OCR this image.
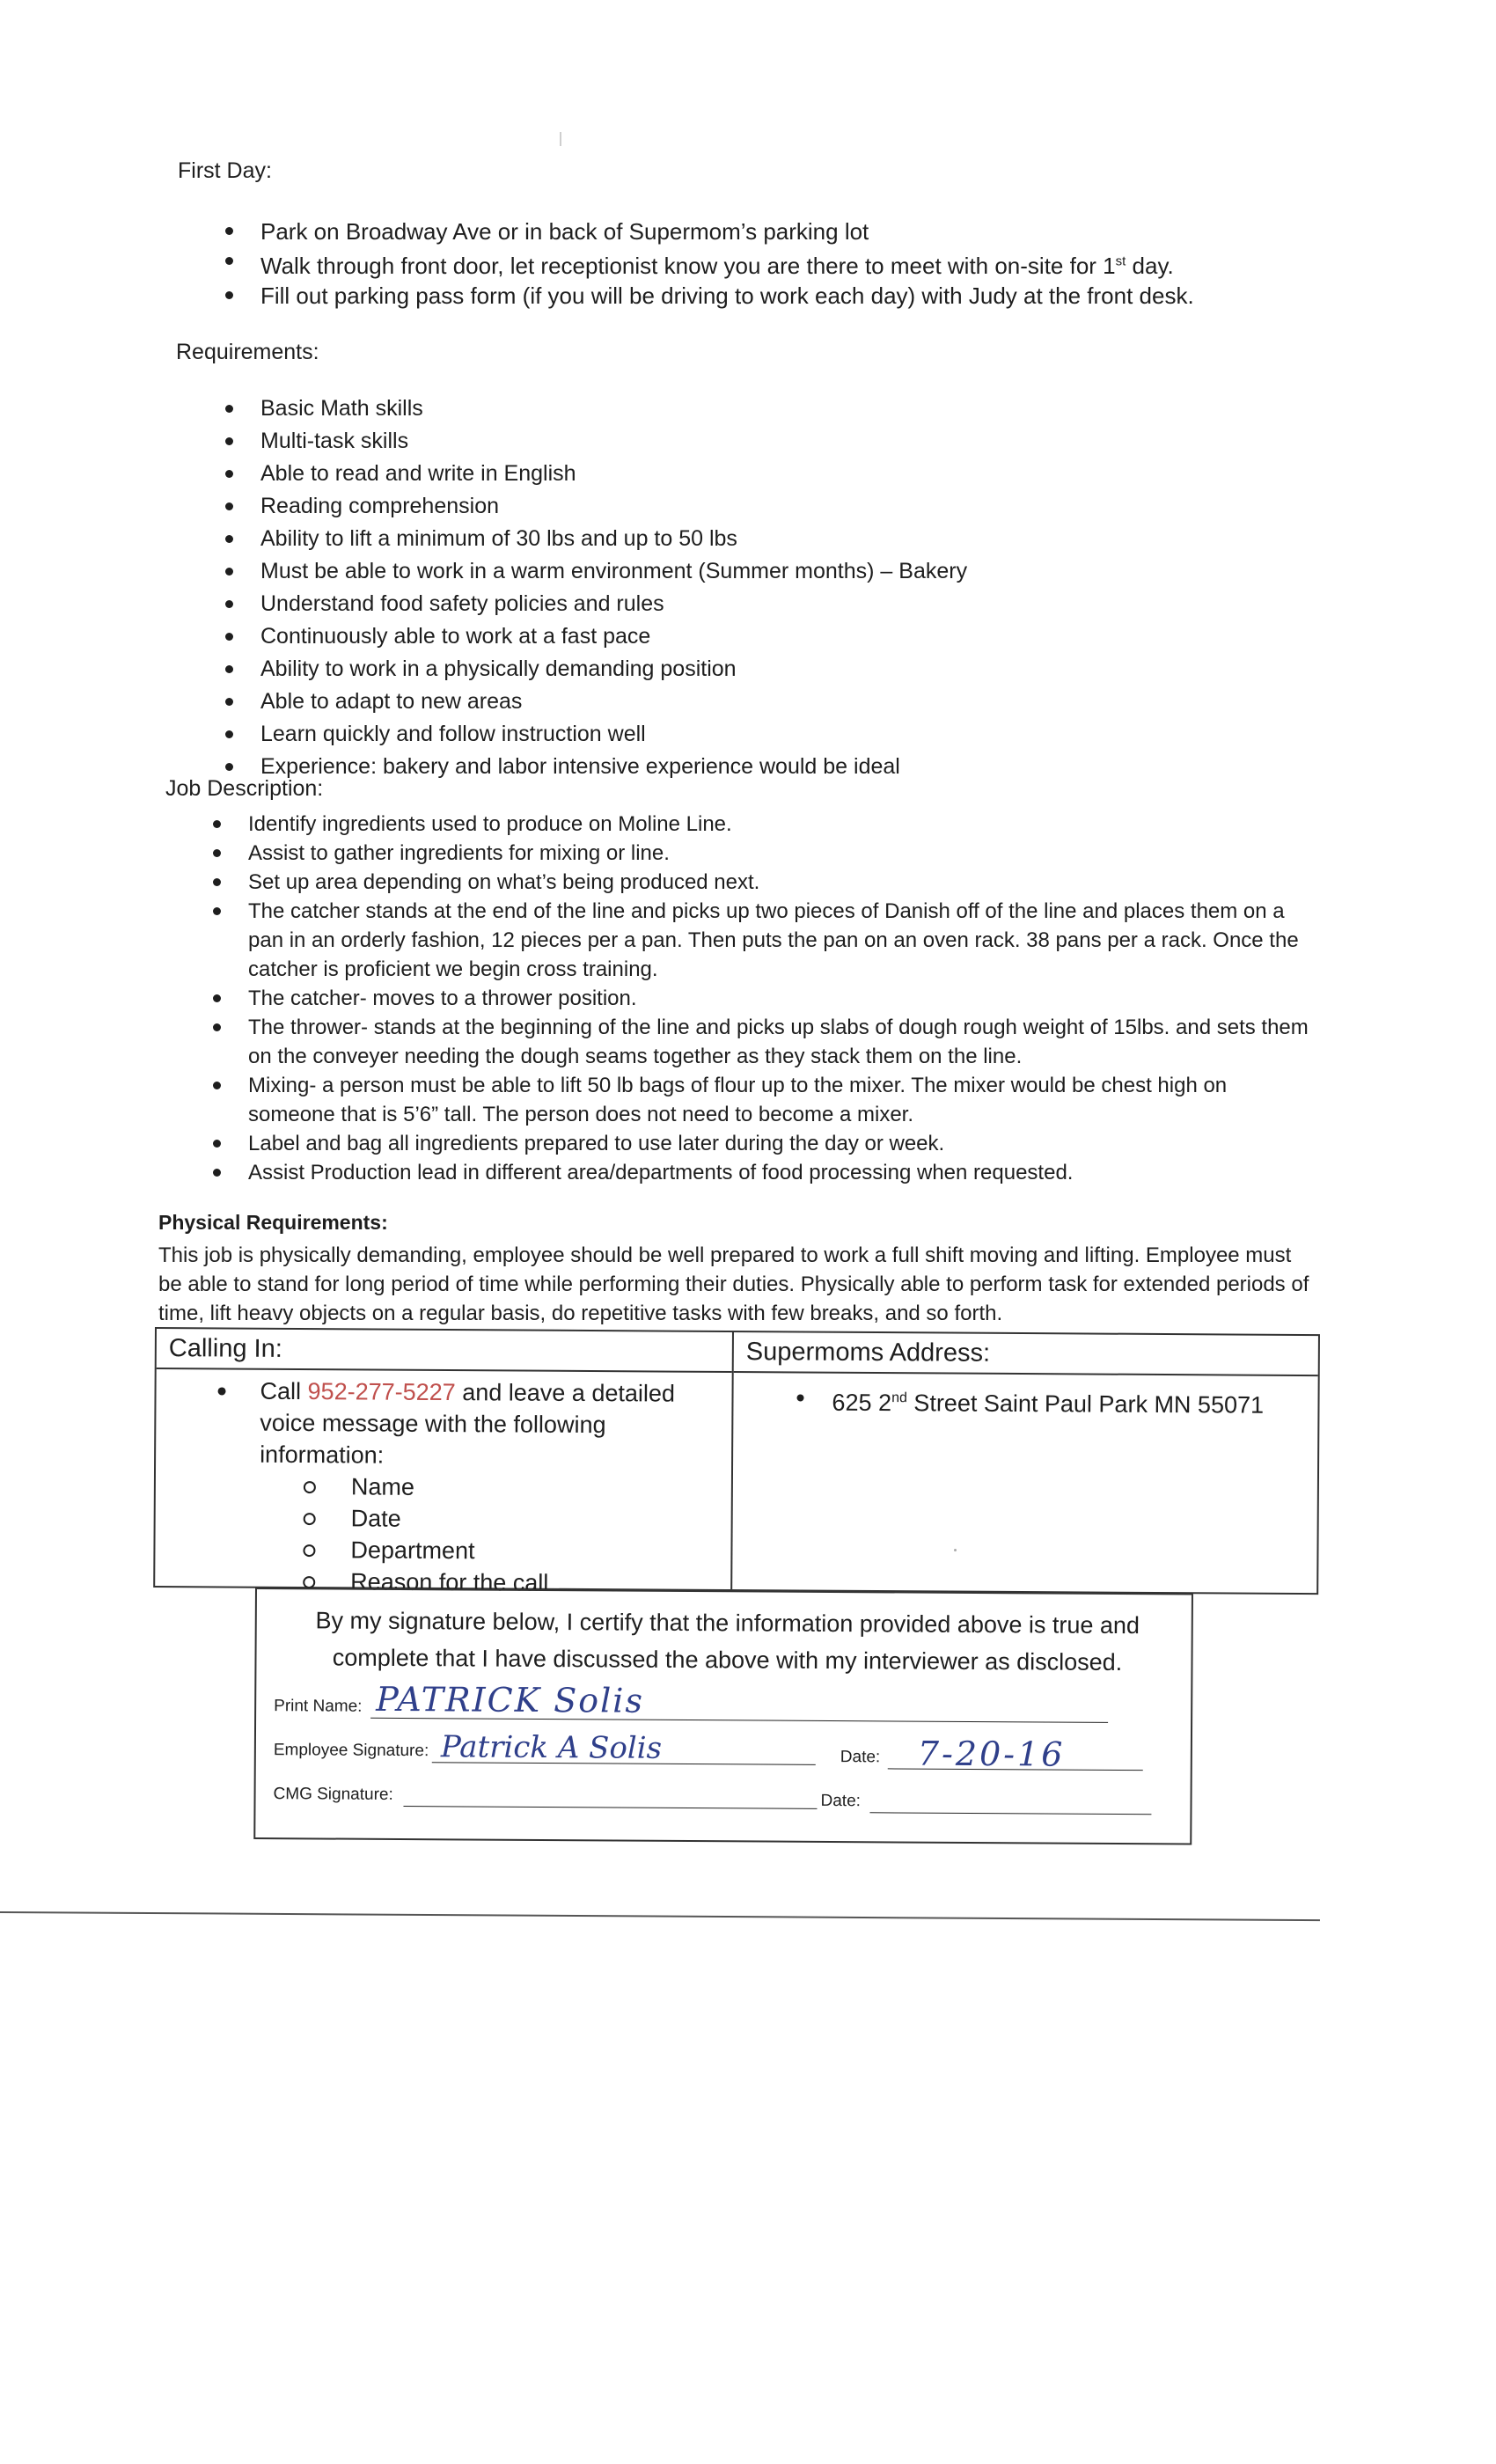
First Day:
Park on Broadway Ave or in back of Supermom’s parking lot
Walk through front door, let receptionist know you are there to meet with on-site for 1st day.
Fill out parking pass form (if you will be driving to work each day) with Judy at the front desk.
Requirements:
Basic Math skills
Multi-task skills
Able to read and write in English
Reading comprehension
Ability to lift a minimum of 30 lbs and up to 50 lbs
Must be able to work in a warm environment (Summer months) – Bakery
Understand food safety policies and rules
Continuously able to work at a fast pace
Ability to work in a physically demanding position
Able to adapt to new areas
Learn quickly and follow instruction well
Experience: bakery and labor intensive experience would be ideal
Job Description:
Identify ingredients used to produce on Moline Line.
Assist to gather ingredients for mixing or line.
Set up area depending on what’s being produced next.
The catcher stands at the end of the line and picks up two pieces of Danish off of the line and places them on a pan in an orderly fashion, 12 pieces per a pan. Then puts the pan on an oven rack. 38 pans per a rack. Once the catcher is proficient we begin cross training.
The catcher- moves to a thrower position.
The thrower- stands at the beginning of the line and picks up slabs of dough rough weight of 15lbs. and sets them on the conveyer needing the dough seams together as they stack them on the line.
Mixing- a person must be able to lift 50 lb bags of flour up to the mixer. The mixer would be chest high on someone that is 5’6” tall. The person does not need to become a mixer.
Label and bag all ingredients prepared to use later during the day or week.
Assist Production lead in different area/departments of food processing when requested.
Physical Requirements:
This job is physically demanding, employee should be well prepared to work a full shift moving and lifting. Employee must be able to stand for long period of time while performing their duties. Physically able to perform task for extended periods of time, lift heavy objects on a regular basis, do repetitive tasks with few breaks, and so forth.
Calling In:
Call 952-277-5227 and leave a detailed voice message with the following information:
Name
Date
Department
Reason for the call
Supermoms Address:
625 2nd Street Saint Paul Park MN 55071
By my signature below, I certify that the information provided above is true and complete that I have discussed the above with my interviewer as disclosed.
Print Name: PATRICK Solis
Employee Signature: Patrick A Solis	Date: 7-20-16
CMG Signature:	Date:
